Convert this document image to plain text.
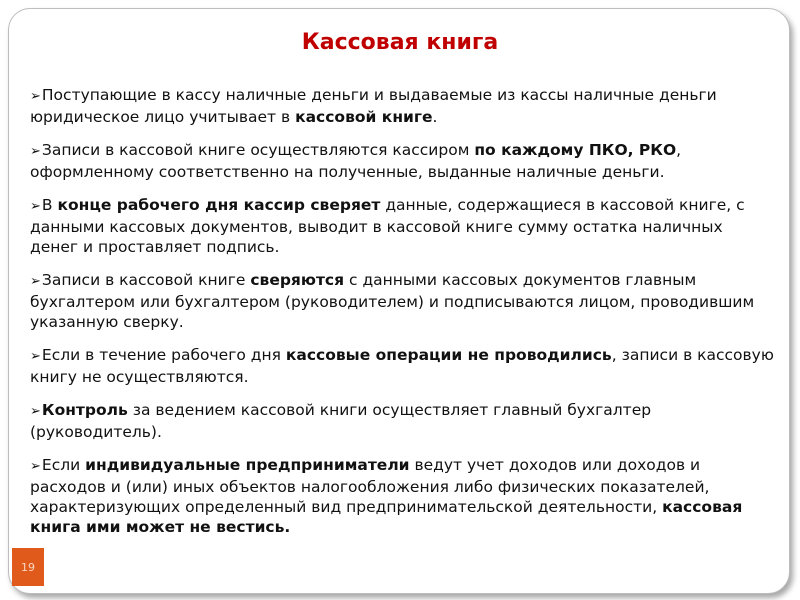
Кассовая книга
➢Поступающие в кассу наличные деньги и выдаваемые из кассы наличные деньги юридическое лицо учитывает в кассовой книге.
➢Записи в кассовой книге осуществляются кассиром по каждому ПКО, РКО, оформленному соответственно на полученные, выданные наличные деньги.
➢В конце рабочего дня кассир сверяет данные, содержащиеся в кассовой книге, с данными кассовых документов, выводит в кассовой книге сумму остатка наличных денег и проставляет подпись.
➢Записи в кассовой книге сверяются с данными кассовых документов главным бухгалтером или бухгалтером (руководителем) и подписываются лицом, проводившим указанную сверку.
➢Если в течение рабочего дня кассовые операции не проводились, записи в кассовую книгу не осуществляются.
➢Контроль за ведением кассовой книги осуществляет главный бухгалтер (руководитель).
➢Если индивидуальные предприниматели ведут учет доходов или доходов и расходов и (или) иных объектов налогообложения либо физических показателей, характеризующих определенный вид предпринимательской деятельности, кассовая книга ими может не вестись.
19
